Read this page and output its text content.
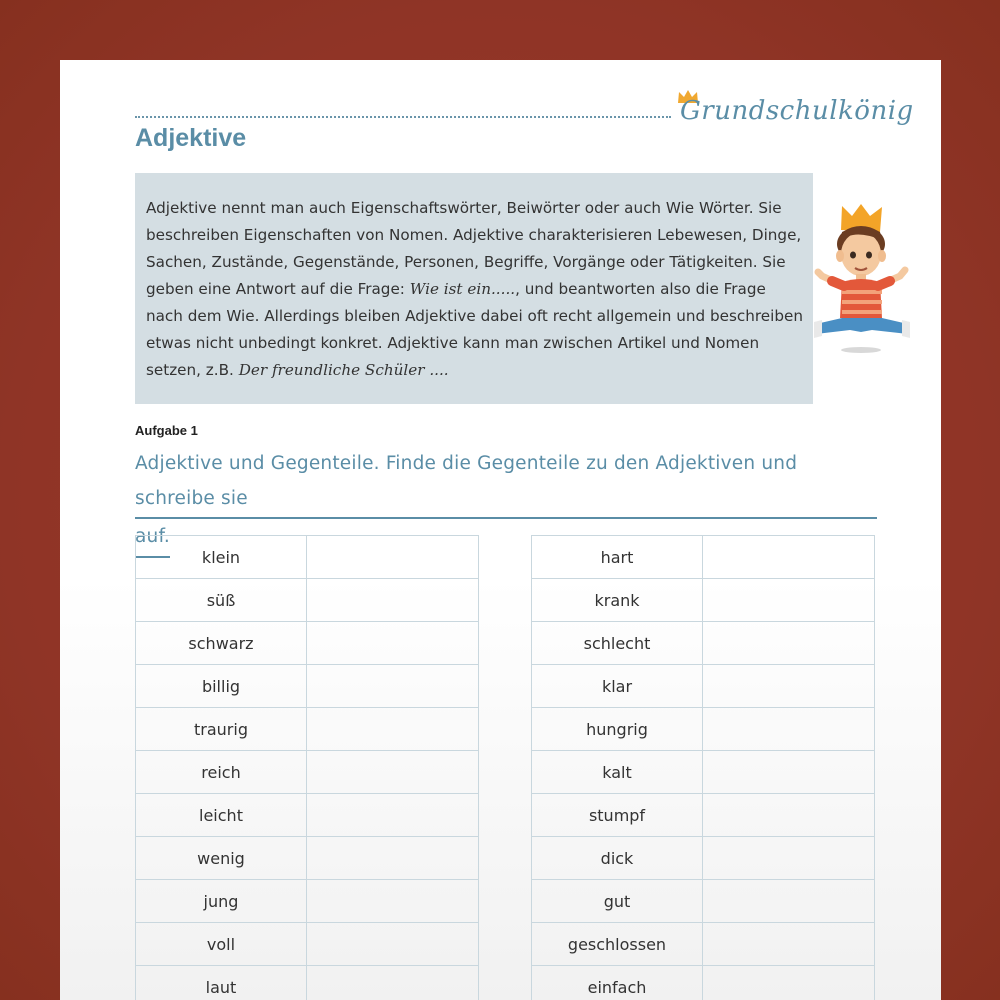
Grundschulkönig
Adjektive
Adjektive nennt man auch Eigenschaftswörter, Beiwörter oder auch Wie Wörter. Sie beschreiben Eigenschaften von Nomen. Adjektive charakterisieren Lebewesen, Dinge, Sachen, Zustände, Gegenstände, Personen, Begriffe, Vorgänge oder Tätigkeiten. Sie geben eine Antwort auf die Frage: Wie ist ein....., und beantworten also die Frage nach dem Wie. Allerdings bleiben Adjektive dabei oft recht allgemein und beschreiben etwas nicht unbedingt konkret. Adjektive kann man zwischen Artikel und Nomen setzen, z.B. Der freundliche Schüler ....
Aufgabe 1
Adjektive und Gegenteile. Finde die Gegenteile zu den Adjektiven und schreibe sie
auf.
klein	
süß	
schwarz	
billig	
traurig	
reich	
leicht	
wenig	
jung	
voll	
laut	
hart	
krank	
schlecht	
klar	
hungrig	
kalt	
stumpf	
dick	
gut	
geschlossen	
einfach	
